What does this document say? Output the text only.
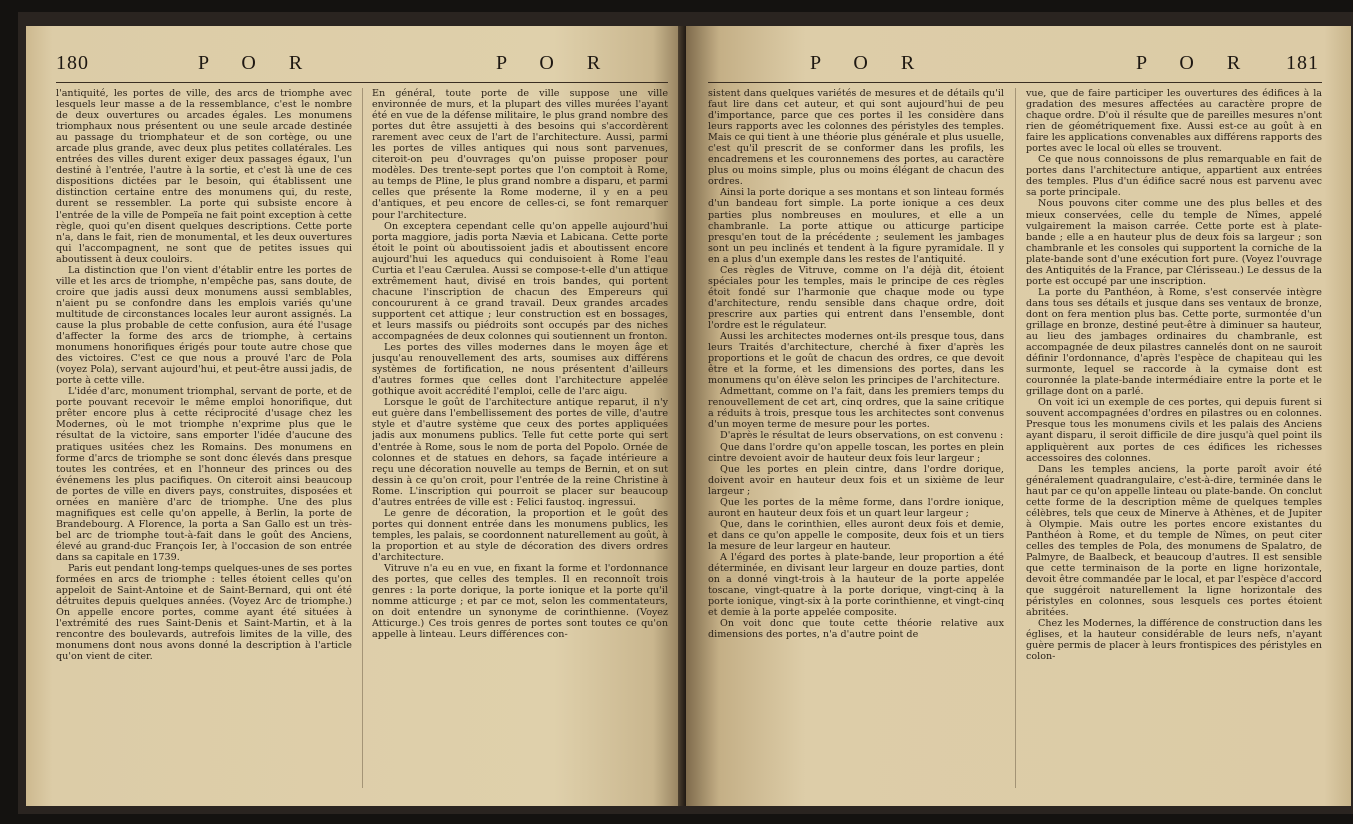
180	P O R	P O R

l'antiquité, les portes de ville, des arcs de triomphe avec lesquels leur masse a de la ressemblance, c'est le nombre de deux ouvertures ou arcades égales. Les monumens triomphaux nous présentent ou une seule arcade destinée au passage du triomphateur et de son cortège, ou une arcade plus grande, avec deux plus petites collatérales. Les entrées des villes durent exiger deux passages égaux, l'un destiné à l'entrée, l'autre à la sortie, et c'est là une de ces dispositions dictées par le besoin, qui établissent une distinction certaine entre des monumens qui, du reste, durent se ressembler. La porte qui subsiste encore à l'entrée de la ville de Pompeïa ne fait point exception à cette règle, quoi qu'en disent quelques descriptions. Cette porte n'a, dans le fait, rien de monumental, et les deux ouvertures qui l'accompagnent, ne sont que de petites issues qui aboutissent à deux couloirs.

La distinction que l'on vient d'établir entre les portes de ville et les arcs de triomphe, n'empêche pas, sans doute, de croire que jadis aussi deux monumens aussi semblables, n'aient pu se confondre dans les emplois variés qu'une multitude de circonstances locales leur auront assignés. La cause la plus probable de cette confusion, aura été l'usage d'affecter la forme des arcs de triomphe, à certains monumens honorifiques érigés pour toute autre chose que des victoires. C'est ce que nous a prouvé l'arc de Pola (voyez Pola), servant aujourd'hui, et peut-être aussi jadis, de porte à cette ville.

L'idée d'arc, monument triomphal, servant de porte, et de porte pouvant recevoir le même emploi honorifique, dut prêter encore plus à cette réciprocité d'usage chez les Modernes, où le mot triomphe n'exprime plus que le résultat de la victoire, sans emporter l'idée d'aucune des pratiques usitées chez les Romains. Des monumens en forme d'arcs de triomphe se sont donc élevés dans presque toutes les contrées, et en l'honneur des princes ou des événemens les plus pacifiques. On citeroit ainsi beaucoup de portes de ville en divers pays, construites, disposées et ornées en manière d'arc de triomphe. Une des plus magnifiques est celle qu'on appelle, à Berlin, la porte de Brandebourg. A Florence, la porta a San Gallo est un très-bel arc de triomphe tout-à-fait dans le goût des Anciens, élevé au grand-duc François Ier, à l'occasion de son entrée dans sa capitale en 1739.

Paris eut pendant long-temps quelques-unes de ses portes formées en arcs de triomphe : telles étoient celles qu'on appeloit de Saint-Antoine et de Saint-Bernard, qui ont été détruites depuis quelques années. (Voyez Arc de triomphe.) On appelle encore portes, comme ayant été situées à l'extrémité des rues Saint-Denis et Saint-Martin, et à la rencontre des boulevards, autrefois limites de la ville, des monumens dont nous avons donné la description à l'article qu'on vient de citer.

En général, toute porte de ville suppose une ville environnée de murs, et la plupart des villes murées l'ayant été en vue de la défense militaire, le plus grand nombre des portes dut être assujetti à des besoins qui s'accordèrent rarement avec ceux de l'art de l'architecture. Aussi, parmi les portes de villes antiques qui nous sont parvenues, citeroit-on peu d'ouvrages qu'on puisse proposer pour modèles. Des trente-sept portes que l'on comptoit à Rome, au temps de Pline, le plus grand nombre a disparu, et parmi celles que présente la Rome moderne, il y en a peu d'antiques, et peu encore de celles-ci, se font remarquer pour l'architecture.

On exceptera cependant celle qu'on appelle aujourd'hui porta maggiore, jadis porta Nævia et Labicana. Cette porte étoit le point où aboutissoient jadis et aboutissent encore aujourd'hui les aqueducs qui conduisoient à Rome l'eau Curtia et l'eau Cærulea. Aussi se compose-t-elle d'un attique extrêmement haut, divisé en trois bandes, qui portent chacune l'inscription de chacun des Empereurs qui concoururent à ce grand travail. Deux grandes arcades supportent cet attique ; leur construction est en bossages, et leurs massifs ou piédroits sont occupés par des niches accompagnées de deux colonnes qui soutiennent un fronton.

Les portes des villes modernes dans le moyen âge et jusqu'au renouvellement des arts, soumises aux différens systèmes de fortification, ne nous présentent d'ailleurs d'autres formes que celles dont l'architecture appelée gothique avoit accrédité l'emploi, celle de l'arc aigu.

Lorsque le goût de l'architecture antique reparut, il n'y eut guère dans l'embellissement des portes de ville, d'autre style et d'autre système que ceux des portes appliquées jadis aux monumens publics. Telle fut cette porte qui sert d'entrée à Rome, sous le nom de porta del Popolo. Ornée de colonnes et de statues en dehors, sa façade intérieure a reçu une décoration nouvelle au temps de Bernin, et on sut dessin à ce qu'on croit, pour l'entrée de la reine Christine à Rome. L'inscription qui pourroit se placer sur beaucoup d'autres entrées de ville est : Felici faustoq. ingressui.

Le genre de décoration, la proportion et le goût des portes qui donnent entrée dans les monumens publics, les temples, les palais, se coordonnent naturellement au goût, à la proportion et au style de décoration des divers ordres d'architecture.

Vitruve n'a eu en vue, en fixant la forme et l'ordonnance des portes, que celles des temples. Il en reconnoît trois genres : la porte dorique, la porte ionique et la porte qu'il nomme atticurge ; et par ce mot, selon les commentateurs, on doit entendre un synonyme de corinthienne. (Voyez Atticurge.) Ces trois genres de portes sont toutes ce qu'on appelle à linteau. Leurs différences con-

P O R	P O R 181

sistent dans quelques variétés de mesures et de détails qu'il faut lire dans cet auteur, et qui sont aujourd'hui de peu d'importance, parce que ces portes il les considère dans leurs rapports avec les colonnes des péristyles des temples. Mais ce qui tient à une théorie plus générale et plus usuelle, c'est qu'il prescrit de se conformer dans les profils, les encadremens et les couronnemens des portes, au caractère plus ou moins simple, plus ou moins élégant de chacun des ordres.

Ainsi la porte dorique a ses montans et son linteau formés d'un bandeau fort simple. La porte ionique a ces deux parties plus nombreuses en moulures, et elle a un chambranle. La porte attique ou atticurge participe presqu'en tout de la précédente ; seulement les jambages sont un peu inclinés et tendent à la figure pyramidale. Il y en a plus d'un exemple dans les restes de l'antiquité.

Ces règles de Vitruve, comme on l'a déjà dit, étoient spéciales pour les temples, mais le principe de ces règles étoit fondé sur l'harmonie que chaque mode ou type d'architecture, rendu sensible dans chaque ordre, doit prescrire aux parties qui entrent dans l'ensemble, dont l'ordre est le régulateur.

Aussi les architectes modernes ont-ils presque tous, dans leurs Traités d'architecture, cherché à fixer d'après les proportions et le goût de chacun des ordres, ce que devoit être et la forme, et les dimensions des portes, dans les monumens qu'on élève selon les principes de l'architecture.

Admettant, comme on l'a fait, dans les premiers temps du renouvellement de cet art, cinq ordres, que la saine critique a réduits à trois, presque tous les architectes sont convenus d'un moyen terme de mesure pour les portes.

D'après le résultat de leurs observations, on est convenu :

Que dans l'ordre qu'on appelle toscan, les portes en plein cintre devoient avoir de hauteur deux fois leur largeur ;

Que les portes en plein cintre, dans l'ordre dorique, doivent avoir en hauteur deux fois et un sixième de leur largeur ;

Que les portes de la même forme, dans l'ordre ionique, auront en hauteur deux fois et un quart leur largeur ;

Que, dans le corinthien, elles auront deux fois et demie, et dans ce qu'on appelle le composite, deux fois et un tiers la mesure de leur largeur en hauteur.

A l'égard des portes à plate-bande, leur proportion a été déterminée, en divisant leur largeur en douze parties, dont on a donné vingt-trois à la hauteur de la porte appelée toscane, vingt-quatre à la porte dorique, vingt-cinq à la porte ionique, vingt-six à la porte corinthienne, et vingt-cinq et demie à la porte appelée composite.

On voit donc que toute cette théorie relative aux dimensions des portes, n'a d'autre point de

vue, que de faire participer les ouvertures des édifices à la gradation des mesures affectées au caractère propre de chaque ordre. D'où il résulte que de pareilles mesures n'ont rien de géométriquement fixe. Aussi est-ce au goût à en faire les applications convenables aux différens rapports des portes avec le local où elles se trouvent.

Ce que nous connoissons de plus remarquable en fait de portes dans l'architecture antique, appartient aux entrées des temples. Plus d'un édifice sacré nous est parvenu avec sa porte principale.

Nous pouvons citer comme une des plus belles et des mieux conservées, celle du temple de Nîmes, appelé vulgairement la maison carrée. Cette porte est à plate-bande ; elle a en hauteur plus de deux fois sa largeur ; son chambranle et les consoles qui supportent la corniche de la plate-bande sont d'une exécution fort pure. (Voyez l'ouvrage des Antiquités de la France, par Clérisseau.) Le dessus de la porte est occupé par une inscription.

La porte du Panthéon, à Rome, s'est conservée intègre dans tous ses détails et jusque dans ses ventaux de bronze, dont on fera mention plus bas. Cette porte, surmontée d'un grillage en bronze, destiné peut-être à diminuer sa hauteur, au lieu des jambages ordinaires du chambranle, est accompagnée de deux pilastres cannelés dont on ne sauroit définir l'ordonnance, d'après l'espèce de chapiteau qui les surmonte, lequel se raccorde à la cymaise dont est couronnée la plate-bande intermédiaire entre la porte et le grillage dont on a parlé.

On voit ici un exemple de ces portes, qui depuis furent si souvent accompagnées d'ordres en pilastres ou en colonnes. Presque tous les monumens civils et les palais des Anciens ayant disparu, il seroit difficile de dire jusqu'à quel point ils appliquèrent aux portes de ces édifices les richesses accessoires des colonnes.

Dans les temples anciens, la porte paroît avoir été généralement quadrangulaire, c'est-à-dire, terminée dans le haut par ce qu'on appelle linteau ou plate-bande. On conclut cette forme de la description même de quelques temples célèbres, tels que ceux de Minerve à Athènes, et de Jupiter à Olympie. Mais outre les portes encore existantes du Panthéon à Rome, et du temple de Nîmes, on peut citer celles des temples de Pola, des monumens de Spalatro, de Palmyre, de Baalbeck, et beaucoup d'autres. Il est sensible que cette terminaison de la porte en ligne horizontale, devoit être commandée par le local, et par l'espèce d'accord que suggéroit naturellement la ligne horizontale des péristyles en colonnes, sous lesquels ces portes étoient abritées.

Chez les Modernes, la différence de construction dans les églises, et la hauteur considérable de leurs nefs, n'ayant guère permis de placer à leurs frontispices des péristyles en colon-
